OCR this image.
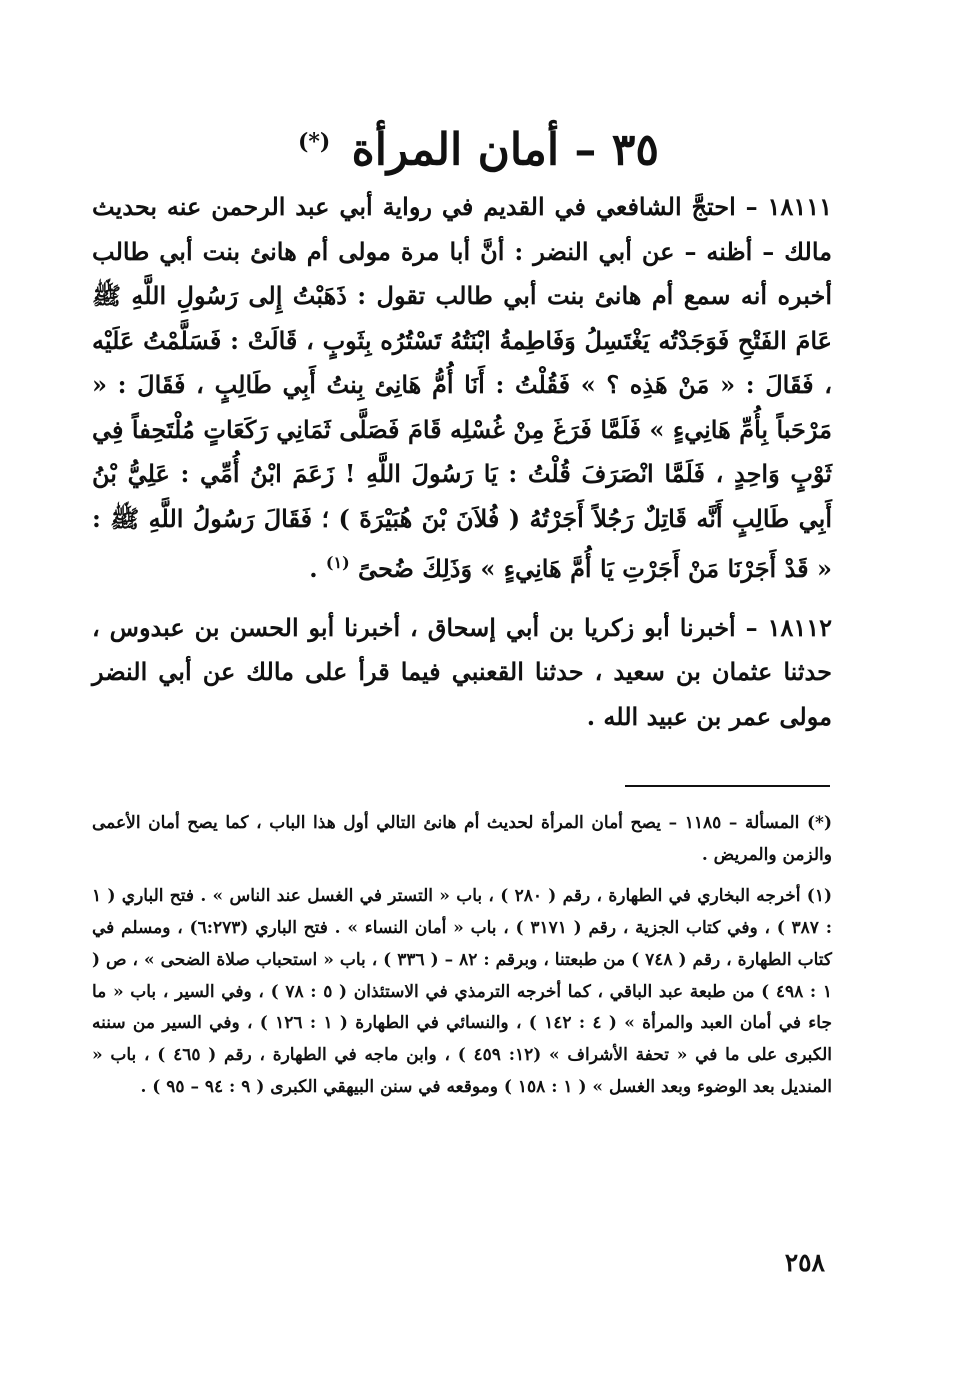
٣٥ – أمان المرأة (*)

١٨١١١ – احتجَّ الشافعي في القديم في رواية أبي عبد الرحمن عنه بحديث مالك – أظنه – عن أبي النضر : أنَّ أبا مرة مولى أم هانئ بنت أبي طالب أخبره أنه سمع أم هانئ بنت أبي طالب تقول : ذَهَبْتُ إِلى رَسُولِ اللَّهِ ﷺ عَامَ الفَتْحِ فَوَجَدْتُه يَغْتَسِلُ وَفَاطِمةُ ابْنَتُهُ تَسْتُرُه بِثَوبٍ ، قَالَتْ : فَسَلَّمْتُ عَلَيْه ، فَقَالَ : « مَنْ هَذِه ؟ » فَقُلْتُ : أَنَا أُمُّ هَانِئ بِنتُ أَبِي طَالِبٍ ، فَقَالَ : « مَرْحَباً بِأُمِّ هَانِيءٍ » فَلَمَّا فَرَغَ مِنْ غُسْلِه قَامَ فَصَلَّى ثَمَانِي رَكَعَاتٍ مُلْتَحِفاً فِي ثَوْبٍ وَاحِدٍ ، فَلَمَّا انْصَرَفَ قُلْتُ : يَا رَسُولَ اللَّهِ ! زَعَمَ ابْنُ أُمِّي : عَلِيُّ بْنُ أَبِي طَالِبٍ أَنَّه قَاتِلٌ رَجُلاً أَجَرْتُهُ ( فُلاَنَ بْنَ هُبَيْرَةَ ) ؛ فَقَالَ رَسُولُ اللَّهِ ﷺ : « قَدْ أَجَرْنَا مَنْ أَجَرْتِ يَا أُمَّ هَانِيءٍ » وَذَلِكَ ضُحىً $^{(١)}$ .

١٨١١٢ – أخبرنا أبو زكريا بن أبي إسحاق ، أخبرنا أبو الحسن بن عبدوس ، حدثنا عثمان بن سعيد ، حدثنا القعنبي فيما قرأ على مالك عن أبي النضر مولى عمر بن عبيد الله .

(*) المسألة – ١١٨٥ – يصح أمان المرأة لحديث أم هانئ التالي أول هذا الباب ، كما يصح أمان الأعمى والزمن والمريض .

(١) أخرجه البخاري في الطهارة ، رقم ( ٢٨٠ ) ، باب « التستر في الغسل عند الناس » . فتح الباري ( ١ : ٣٨٧ ) ، وفي كتاب الجزية ، رقم ( ٣١٧١ ) ، باب « أمان النساء » . فتح الباري (٦:٢٧٣) ، ومسلم في كتاب الطهارة ، رقم ( ٧٤٨ ) من طبعتنا ، وبرقم : ٨٢ – ( ٣٣٦ ) ، باب « استحباب صلاة الضحى » ، ص ( ١ : ٤٩٨ ) من طبعة عبد الباقي ، كما أخرجه الترمذي في الاستئذان ( ٥ : ٧٨ ) ، وفي السير ، باب « ما جاء في أمان العبد والمرأة » ( ٤ : ١٤٢ ) ، والنسائي في الطهارة ( ١ : ١٢٦ ) ، وفي السير من سننه الكبرى على ما في « تحفة الأشراف » (١٢: ٤٥٩ ) ، وابن ماجه في الطهارة ، رقم ( ٤٦٥ ) ، باب « المنديل بعد الوضوء وبعد الغسل » ( ١ : ١٥٨ ) وموقعه في سنن البيهقي الكبرى ( ٩ : ٩٤ – ٩٥ ) .

٢٥٨
